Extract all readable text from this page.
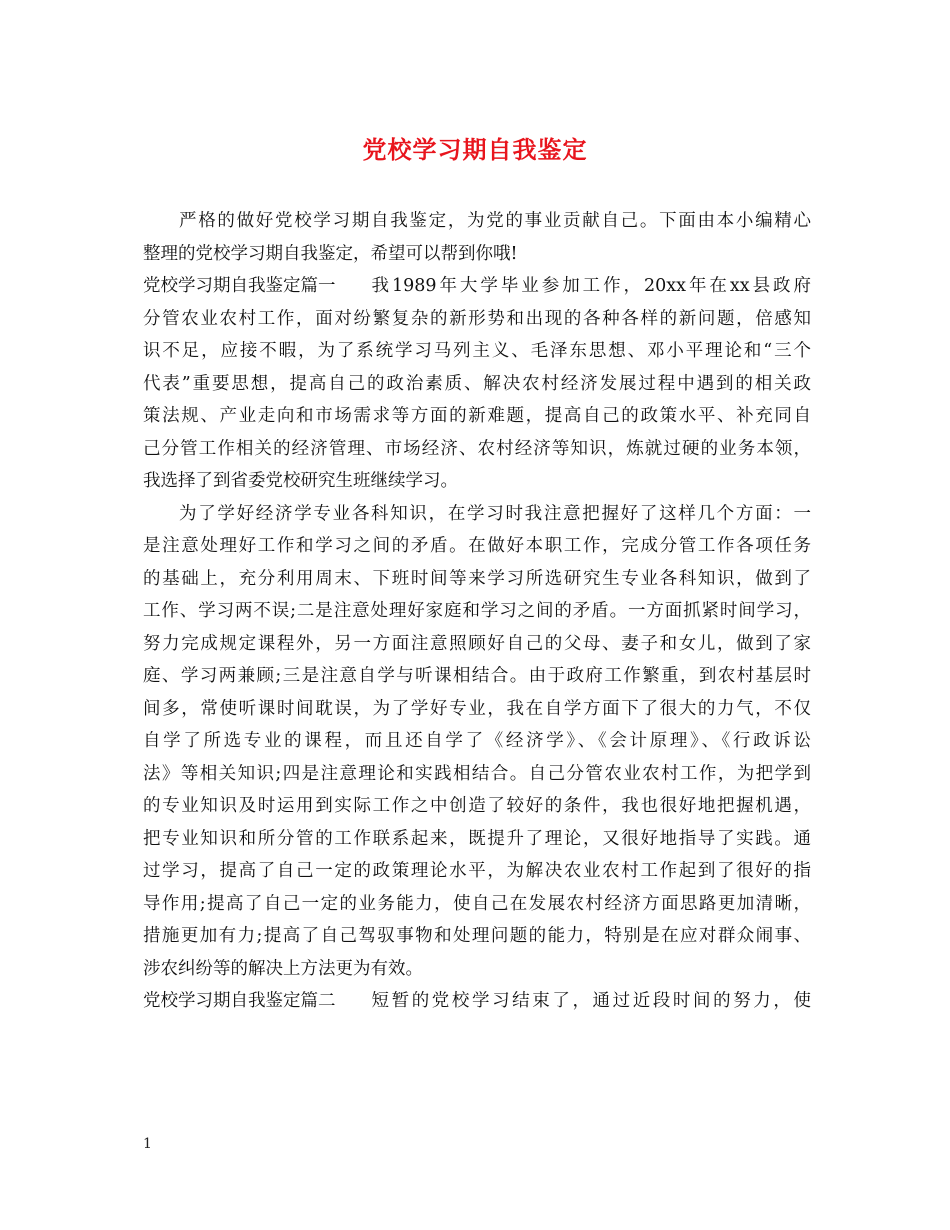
党校学习期自我鉴定
严格的做好党校学习期自我鉴定，为党的事业贡献自己。下面由本小编精心
整理的党校学习期自我鉴定，希望可以帮到你哦!
党校学习期自我鉴定篇一 我1989年大学毕业参加工作，20xx年在xx县政府
分管农业农村工作，面对纷繁复杂的新形势和出现的各种各样的新问题，倍感知
识不足，应接不暇，为了系统学习马列主义、毛泽东思想、邓小平理论和“三个
代表”重要思想，提高自己的政治素质、解决农村经济发展过程中遇到的相关政
策法规、产业走向和市场需求等方面的新难题，提高自己的政策水平、补充同自
己分管工作相关的经济管理、市场经济、农村经济等知识，炼就过硬的业务本领，
我选择了到省委党校研究生班继续学习。
为了学好经济学专业各科知识，在学习时我注意把握好了这样几个方面：一
是注意处理好工作和学习之间的矛盾。在做好本职工作，完成分管工作各项任务
的基础上，充分利用周末、下班时间等来学习所选研究生专业各科知识，做到了
工作、学习两不误;二是注意处理好家庭和学习之间的矛盾。一方面抓紧时间学习，
努力完成规定课程外，另一方面注意照顾好自己的父母、妻子和女儿，做到了家
庭、学习两兼顾;三是注意自学与听课相结合。由于政府工作繁重，到农村基层时
间多，常使听课时间耽误，为了学好专业，我在自学方面下了很大的力气，不仅
自学了所选专业的课程，而且还自学了《经济学》、《会计原理》、《行政诉讼
法》等相关知识;四是注意理论和实践相结合。自己分管农业农村工作，为把学到
的专业知识及时运用到实际工作之中创造了较好的条件，我也很好地把握机遇，
把专业知识和所分管的工作联系起来，既提升了理论，又很好地指导了实践。通
过学习，提高了自己一定的政策理论水平，为解决农业农村工作起到了很好的指
导作用;提高了自己一定的业务能力，使自己在发展农村经济方面思路更加清晰，
措施更加有力;提高了自己驾驭事物和处理问题的能力，特别是在应对群众闹事、
涉农纠纷等的解决上方法更为有效。
党校学习期自我鉴定篇二 短暂的党校学习结束了，通过近段时间的努力，使
1
